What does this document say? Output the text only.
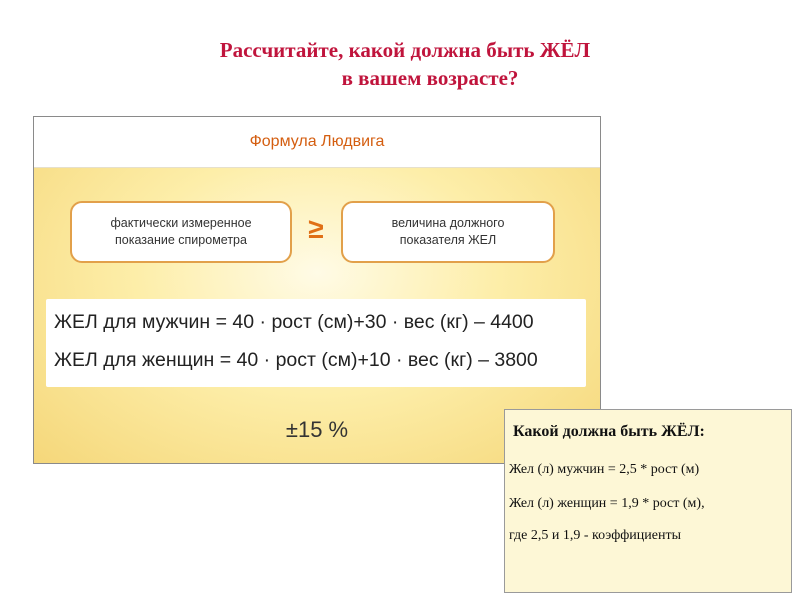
Рассчитайте, какой должна быть ЖЁЛ
в вашем возрасте?
Формула Людвига
фактически измеренное
показание спирометра ≥	величина должного
показателя ЖЕЛ
ЖЕЛ для мужчин = 40 · рост (см)+30 · вес (кг) – 4400
ЖЕЛ для женщин = 40 · рост (см)+10 · вес (кг) – 3800
±15 %	Какой должна быть ЖЁЛ:
Жел (л) мужчин = 2,5 * рост (м)
Жел (л) женщин = 1,9 * рост (м),
где 2,5 и 1,9 - коэффициенты
